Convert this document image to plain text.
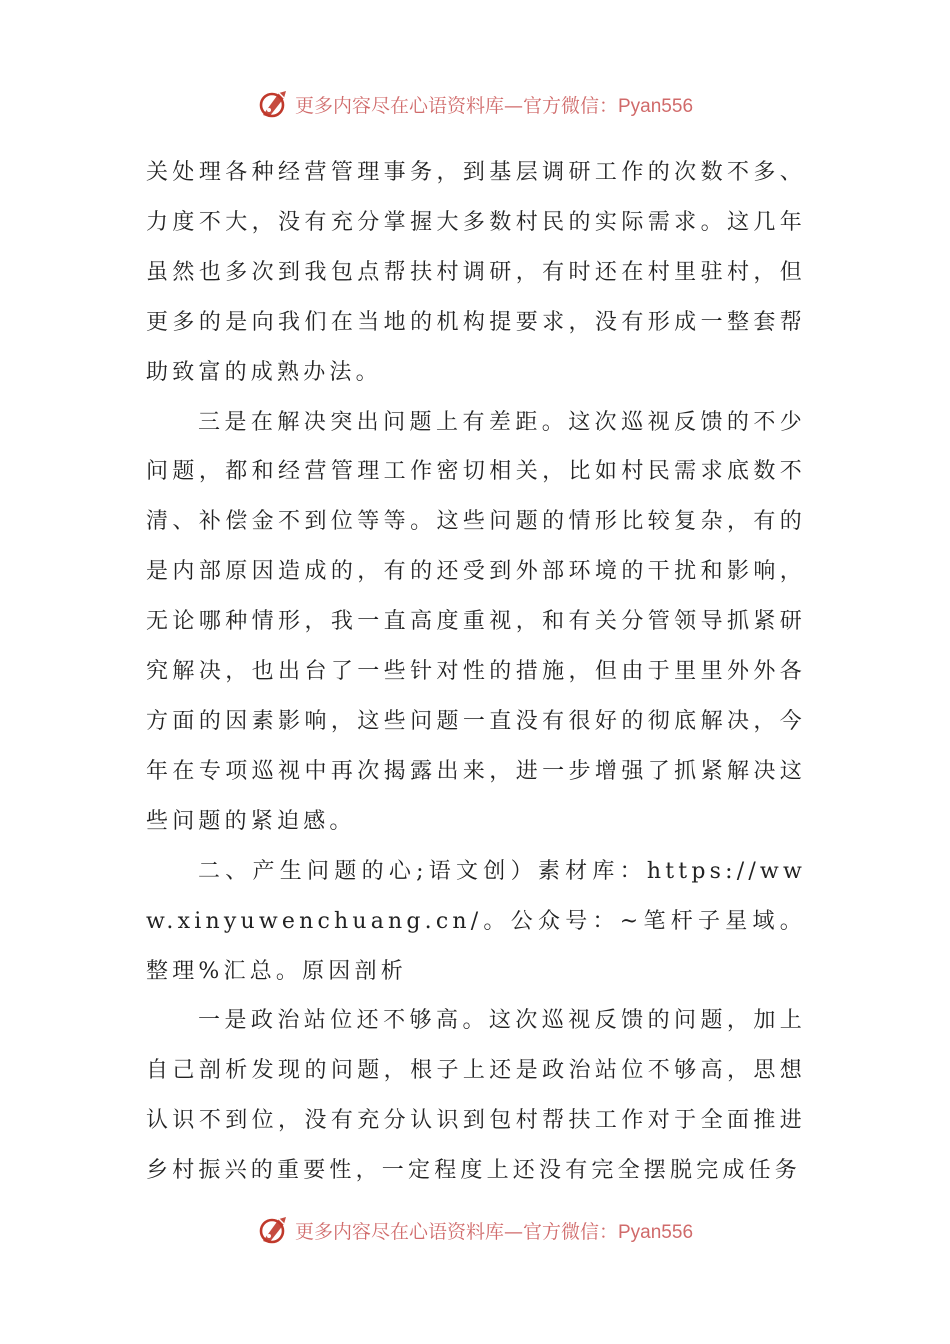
更多内容尽在心语资料库—官方微信：Pyan556

关处理各种经营管理事务，到基层调研工作的次数不多、力度不大，没有充分掌握大多数村民的实际需求。这几年虽然也多次到我包点帮扶村调研，有时还在村里驻村，但更多的是向我们在当地的机构提要求，没有形成一整套帮助致富的成熟办法。

三是在解决突出问题上有差距。这次巡视反馈的不少问题，都和经营管理工作密切相关，比如村民需求底数不清、补偿金不到位等等。这些问题的情形比较复杂，有的是内部原因造成的，有的还受到外部环境的干扰和影响，无论哪种情形，我一直高度重视，和有关分管领导抓紧研究解决，也出台了一些针对性的措施，但由于里里外外各方面的因素影响，这些问题一直没有很好的彻底解决，今年在专项巡视中再次揭露出来，进一步增强了抓紧解决这些问题的紧迫感。

二、产生问题的心;语文创）素材库：https://www.xinyuwenchuang.cn/。公众号：~笔杆子星域。整理%汇总。原因剖析

一是政治站位还不够高。这次巡视反馈的问题，加上自己剖析发现的问题，根子上还是政治站位不够高，思想认识不到位，没有充分认识到包村帮扶工作对于全面推进乡村振兴的重要性，一定程度上还没有完全摆脱完成任务

更多内容尽在心语资料库—官方微信：Pyan556
